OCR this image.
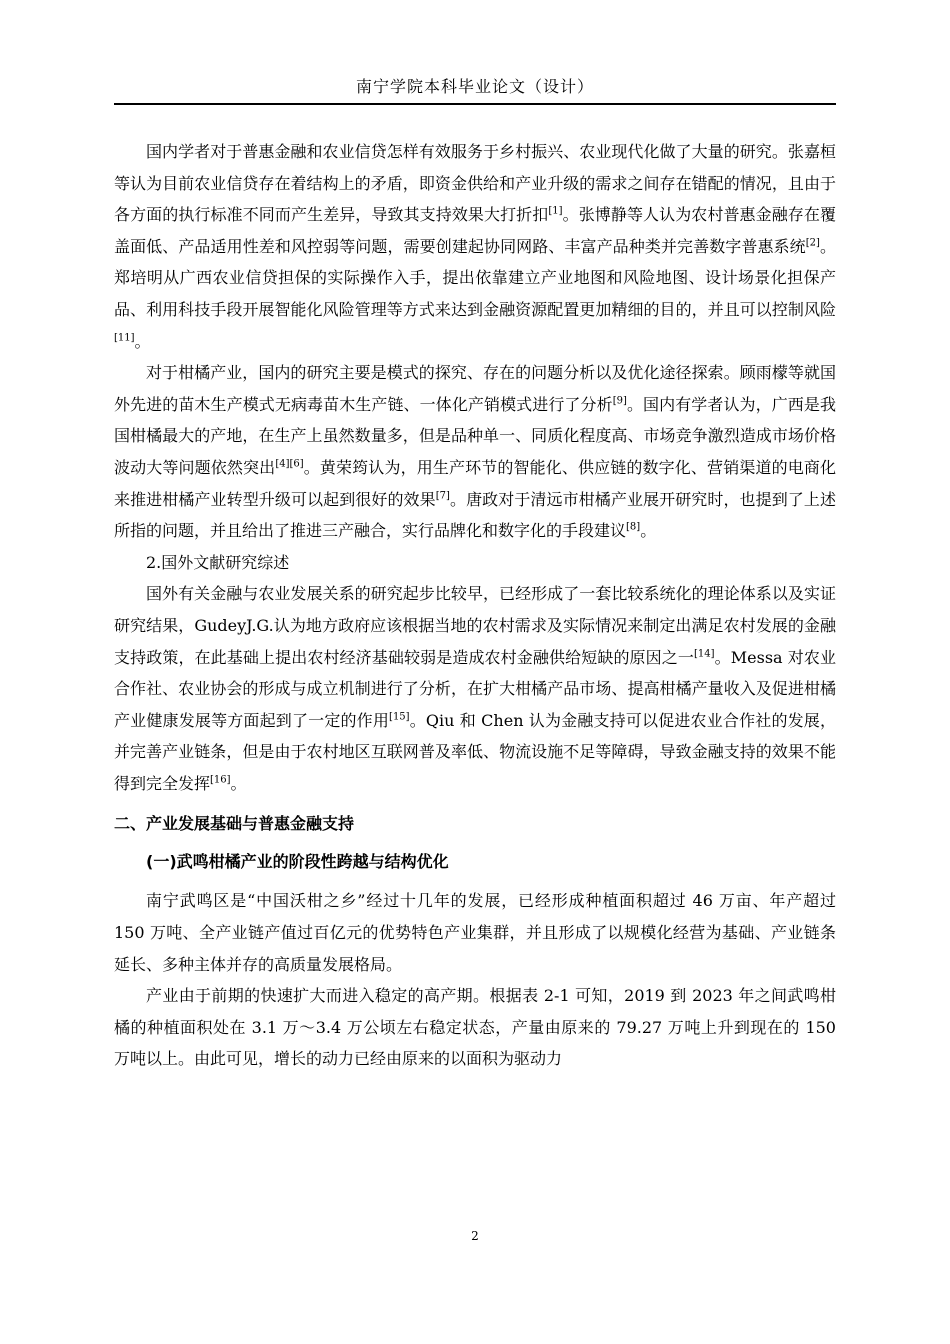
南宁学院本科毕业论文（设计）

国内学者对于普惠金融和农业信贷怎样有效服务于乡村振兴、农业现代化做了大量的研究。张嘉桓等认为目前农业信贷存在着结构上的矛盾，即资金供给和产业升级的需求之间存在错配的情况，且由于各方面的执行标准不同而产生差异，导致其支持效果大打折扣[1]。张博静等人认为农村普惠金融存在覆盖面低、产品适用性差和风控弱等问题，需要创建起协同网路、丰富产品种类并完善数字普惠系统[2]。郑培明从广西农业信贷担保的实际操作入手，提出依靠建立产业地图和风险地图、设计场景化担保产品、利用科技手段开展智能化风险管理等方式来达到金融资源配置更加精细的目的，并且可以控制风险[11]。

对于柑橘产业，国内的研究主要是模式的探究、存在的问题分析以及优化途径探索。顾雨檬等就国外先进的苗木生产模式无病毒苗木生产链、一体化产销模式进行了分析[9]。国内有学者认为，广西是我国柑橘最大的产地，在生产上虽然数量多，但是品种单一、同质化程度高、市场竞争激烈造成市场价格波动大等问题依然突出[4][6]。黄荣筠认为，用生产环节的智能化、供应链的数字化、营销渠道的电商化来推进柑橘产业转型升级可以起到很好的效果[7]。唐政对于清远市柑橘产业展开研究时，也提到了上述所指的问题，并且给出了推进三产融合，实行品牌化和数字化的手段建议[8]。

2.国外文献研究综述

国外有关金融与农业发展关系的研究起步比较早，已经形成了一套比较系统化的理论体系以及实证研究结果，GudeyJ.G.认为地方政府应该根据当地的农村需求及实际情况来制定出满足农村发展的金融支持政策，在此基础上提出农村经济基础较弱是造成农村金融供给短缺的原因之一[14]。Messa 对农业合作社、农业协会的形成与成立机制进行了分析，在扩大柑橘产品市场、提高柑橘产量收入及促进柑橘产业健康发展等方面起到了一定的作用[15]。Qiu 和 Chen 认为金融支持可以促进农业合作社的发展，并完善产业链条，但是由于农村地区互联网普及率低、物流设施不足等障碍，导致金融支持的效果不能得到完全发挥[16]。

二、产业发展基础与普惠金融支持

(一)武鸣柑橘产业的阶段性跨越与结构优化

南宁武鸣区是“中国沃柑之乡”经过十几年的发展，已经形成种植面积超过 46 万亩、年产超过 150 万吨、全产业链产值过百亿元的优势特色产业集群，并且形成了以规模化经营为基础、产业链条延长、多种主体并存的高质量发展格局。

产业由于前期的快速扩大而进入稳定的高产期。根据表 2-1 可知，2019 到 2023 年之间武鸣柑橘的种植面积处在 3.1 万～3.4 万公顷左右稳定状态，产量由原来的 79.27 万吨上升到现在的 150 万吨以上。由此可见，增长的动力已经由原来的以面积为驱动力

2
